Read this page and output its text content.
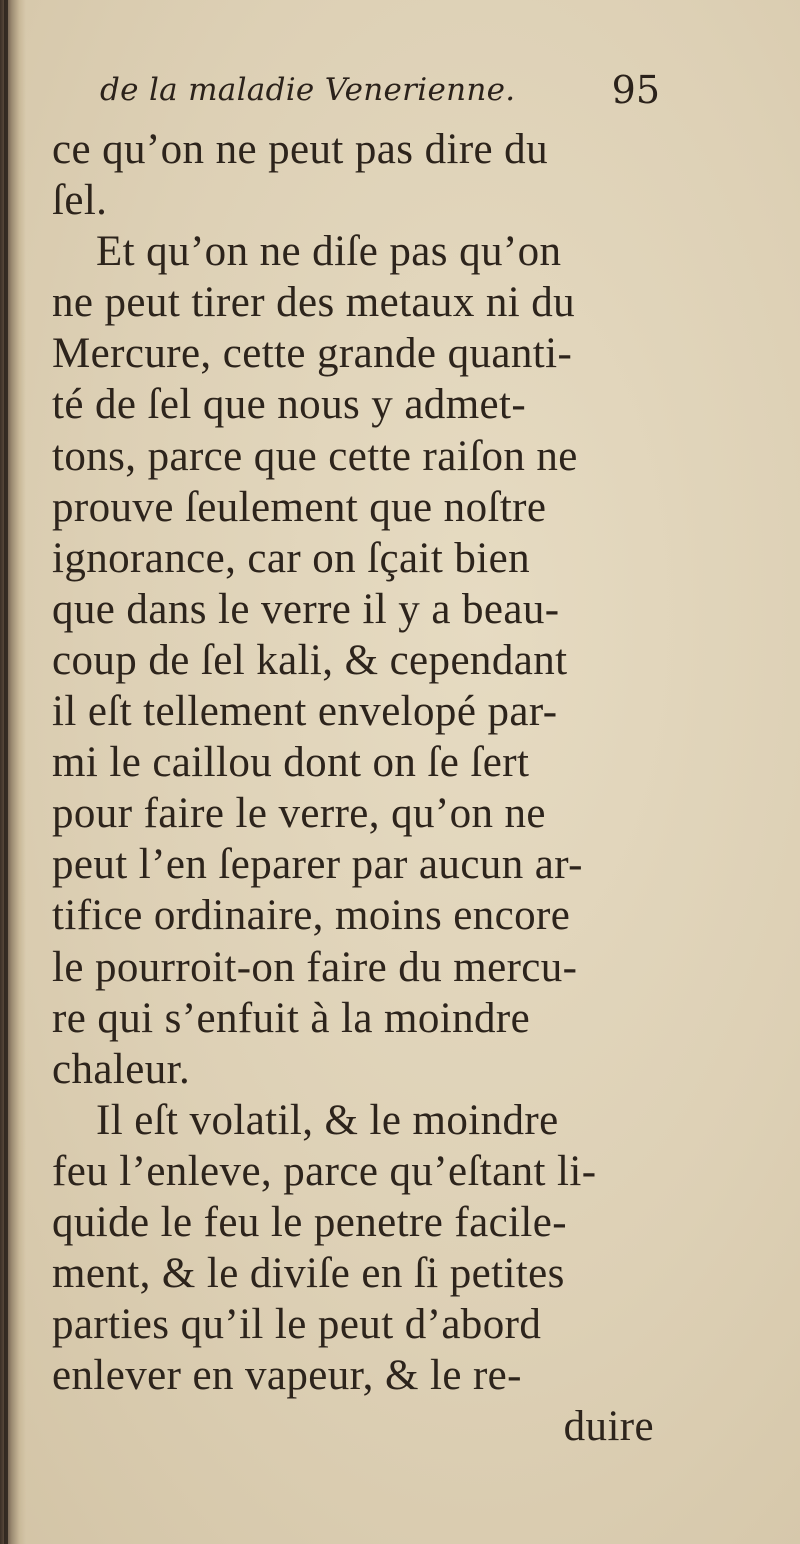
de la maladie Venerienne.	95
ce qu’on ne peut pas dire du
ſel.
Et qu’on ne diſe pas qu’on
ne peut tirer des metaux ni du
Mercure, cette grande quanti-
té de ſel que nous y admet-
tons, parce que cette raiſon ne
prouve ſeulement que noſtre
ignorance, car on ſçait bien
que dans le verre il y a beau-
coup de ſel kali, & cependant
il eſt tellement envelopé par-
mi le caillou dont on ſe ſert
pour faire le verre, qu’on ne
peut l’en ſeparer par aucun ar-
tifice ordinaire, moins encore
le pourroit-on faire du mercu-
re qui s’enfuit à la moindre
chaleur.
Il eſt volatil, & le moindre
feu l’enleve, parce qu’eſtant li-
quide le feu le penetre facile-
ment, & le diviſe en ſi petites
parties qu’il le peut d’abord
enlever en vapeur, & le re-
duire
